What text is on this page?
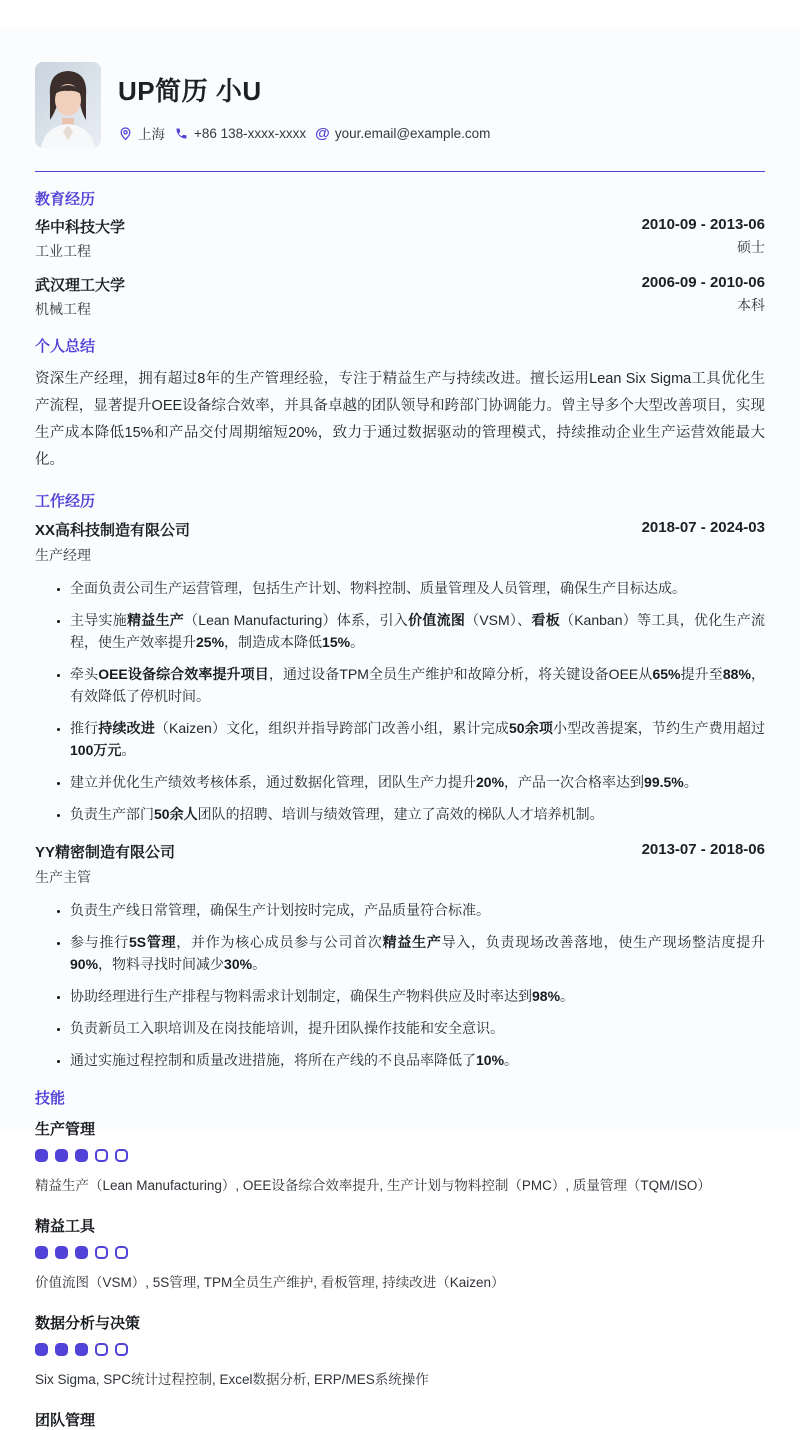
UP简历 小U
上海 +86 138-xxxx-xxxx @ your.email@example.com
教育经历
华中科技大学
工业工程
2010-09 - 2013-06
硕士
武汉理工大学
机械工程
2006-09 - 2010-06
本科
个人总结

资深生产经理，拥有超过8年的生产管理经验，专注于精益生产与持续改进。擅长运用Lean Six Sigma工具优化生产流程，显著提升OEE设备综合效率，并具备卓越的团队领导和跨部门协调能力。曾主导多个大型改善项目，实现生产成本降低15%和产品交付周期缩短20%，致力于通过数据驱动的管理模式，持续推动企业生产运营效能最大化。

工作经历
XX高科技制造有限公司	2018-07 - 2024-03
生产经理
• 全面负责公司生产运营管理，包括生产计划、物料控制、质量管理及人员管理，确保生产目标达成。
• 主导实施精益生产（Lean Manufacturing）体系，引入价值流图（VSM）、看板（Kanban）等工具，优化生产流程，使生产效率提升25%，制造成本降低15%。
• 牵头OEE设备综合效率提升项目，通过设备TPM全员生产维护和故障分析，将关键设备OEE从65%提升至88%，有效降低了停机时间。
• 推行持续改进（Kaizen）文化，组织并指导跨部门改善小组，累计完成50余项小型改善提案，节约生产费用超过100万元。
• 建立并优化生产绩效考核体系，通过数据化管理，团队生产力提升20%，产品一次合格率达到99.5%。
• 负责生产部门50余人团队的招聘、培训与绩效管理，建立了高效的梯队人才培养机制。
YY精密制造有限公司	2013-07 - 2018-06
生产主管
• 负责生产线日常管理，确保生产计划按时完成，产品质量符合标准。
• 参与推行5S管理，并作为核心成员参与公司首次精益生产导入，负责现场改善落地，使生产现场整洁度提升90%，物料寻找时间减少30%。
• 协助经理进行生产排程与物料需求计划制定，确保生产物料供应及时率达到98%。
• 负责新员工入职培训及在岗技能培训，提升团队操作技能和安全意识。
• 通过实施过程控制和质量改进措施，将所在产线的不良品率降低了10%。
技能
生产管理
精益生产（Lean Manufacturing）, OEE设备综合效率提升, 生产计划与物料控制（PMC）, 质量管理（TQM/ISO）
精益工具
价值流图（VSM）, 5S管理, TPM全员生产维护, 看板管理, 持续改进（Kaizen）
数据分析与决策
Six Sigma, SPC统计过程控制, Excel数据分析, ERP/MES系统操作
团队管理
